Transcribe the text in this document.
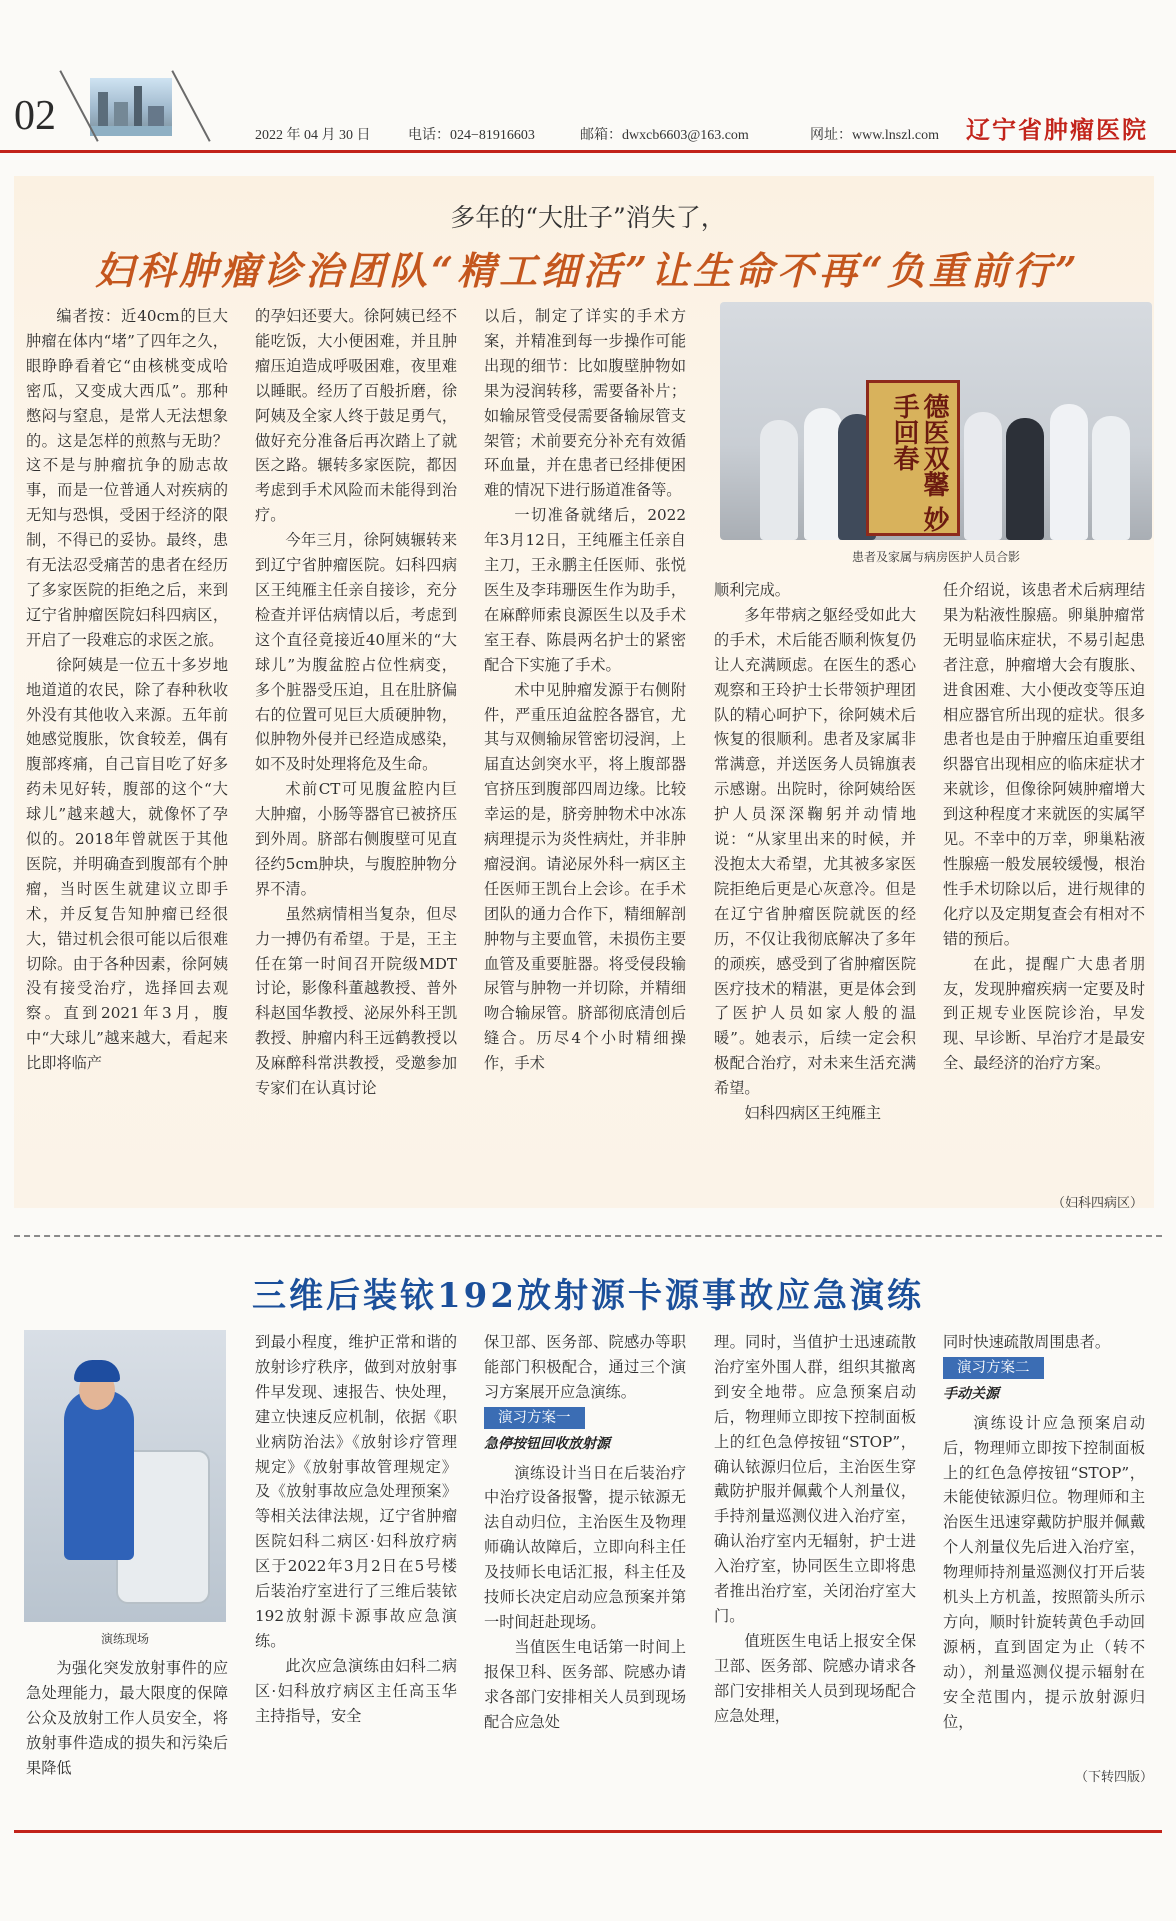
02	2022 年 04 月 30 日	电话：024−81916603	邮箱：dwxcb6603@163.com	网址：www.lnszl.com 辽宁省肿瘤医院
多年的“大肚子”消失了，
妇科肿瘤诊治团队“精工细活”让生命不再“负重前行”

编者按：近40cm的巨大肿瘤在体内“堵”了四年之久，眼睁睁看着它“由核桃变成哈密瓜，又变成大西瓜”。那种憋闷与窒息，是常人无法想象的。这是怎样的煎熬与无助？这不是与肿瘤抗争的励志故事，而是一位普通人对疾病的无知与恐惧，受困于经济的限制，不得已的妥协。最终，患有无法忍受痛苦的患者在经历了多家医院的拒绝之后，来到辽宁省肿瘤医院妇科四病区，开启了一段难忘的求医之旅。

徐阿姨是一位五十多岁地地道道的农民，除了春种秋收外没有其他收入来源。五年前她感觉腹胀，饮食较差，偶有腹部疼痛，自己盲目吃了好多药未见好转，腹部的这个“大球儿”越来越大，就像怀了孕似的。2018年曾就医于其他医院，并明确查到腹部有个肿瘤，当时医生就建议立即手术，并反复告知肿瘤已经很大，错过机会很可能以后很难切除。由于各种因素，徐阿姨没有接受治疗，选择回去观察。直到2021年3月，腹中“大球儿”越来越大，看起来比即将临产

的孕妇还要大。徐阿姨已经不能吃饭，大小便困难，并且肿瘤压迫造成呼吸困难，夜里难以睡眠。经历了百般折磨，徐阿姨及全家人终于鼓足勇气，做好充分准备后再次踏上了就医之路。辗转多家医院，都因考虑到手术风险而未能得到治疗。

今年三月，徐阿姨辗转来到辽宁省肿瘤医院。妇科四病区王纯雁主任亲自接诊，充分检查并评估病情以后，考虑到这个直径竟接近40厘米的“大球儿”为腹盆腔占位性病变，多个脏器受压迫，且在肚脐偏右的位置可见巨大质硬肿物，似肿物外侵并已经造成感染，如不及时处理将危及生命。

术前CT可见腹盆腔内巨大肿瘤，小肠等器官已被挤压到外周。脐部右侧腹壁可见直径约5cm肿块，与腹腔肿物分界不清。

虽然病情相当复杂，但尽力一搏仍有希望。于是，王主任在第一时间召开院级MDT讨论，影像科董越教授、普外科赵国华教授、泌尿外科王凯教授、肿瘤内科王远鹤教授以及麻醉科常洪教授，受邀参加专家们在认真讨论

以后，制定了详实的手术方案，并精准到每一步操作可能出现的细节：比如腹壁肿物如果为浸润转移，需要备补片；如输尿管受侵需要备输尿管支架管；术前要充分补充有效循环血量，并在患者已经排便困难的情况下进行肠道准备等。

一切准备就绪后，2022年3月12日，王纯雁主任亲自主刀，王永鹏主任医师、张悦医生及李玮珊医生作为助手，在麻醉师索良源医生以及手术室王春、陈晨两名护士的紧密配合下实施了手术。

术中见肿瘤发源于右侧附件，严重压迫盆腔各器官，尤其与双侧输尿管密切浸润，上届直达剑突水平，将上腹部器官挤压到腹部四周边缘。比较幸运的是，脐旁肿物术中冰冻病理提示为炎性病灶，并非肿瘤浸润。请泌尿外科一病区主任医师王凯台上会诊。在手术团队的通力合作下，精细解剖肿物与主要血管，未损伤主要血管及重要脏器。将受侵段输尿管与肿物一并切除，并精细吻合输尿管。脐部彻底清创后缝合。历尽4个小时精细操作，手术

德医双馨 妙手回春
患者及家属与病房医护人员合影

顺利完成。

多年带病之躯经受如此大的手术，术后能否顺利恢复仍让人充满顾虑。在医生的悉心观察和王玲护士长带领护理团队的精心呵护下，徐阿姨术后恢复的很顺利。患者及家属非常满意，并送医务人员锦旗表示感谢。出院时，徐阿姨给医护人员深深鞠躬并动情地说：“从家里出来的时候，并没抱太大希望，尤其被多家医院拒绝后更是心灰意冷。但是在辽宁省肿瘤医院就医的经历，不仅让我彻底解决了多年的顽疾，感受到了省肿瘤医院医疗技术的精湛，更是体会到了医护人员如家人般的温暖”。她表示，后续一定会积极配合治疗，对未来生活充满希望。

妇科四病区王纯雁主

任介绍说，该患者术后病理结果为粘液性腺癌。卵巢肿瘤常无明显临床症状，不易引起患者注意，肿瘤增大会有腹胀、进食困难、大小便改变等压迫相应器官所出现的症状。很多患者也是由于肿瘤压迫重要组织器官出现相应的临床症状才来就诊，但像徐阿姨肿瘤增大到这种程度才来就医的实属罕见。不幸中的万幸，卵巢粘液性腺癌一般发展较缓慢，根治性手术切除以后，进行规律的化疗以及定期复查会有相对不错的预后。

在此，提醒广大患者朋友，发现肿瘤疾病一定要及时到正规专业医院诊治，早发现、早诊断、早治疗才是最安全、最经济的治疗方案。

（妇科四病区）
三维后装铱192放射源卡源事故应急演练
演练现场

为强化突发放射事件的应急处理能力，最大限度的保障公众及放射工作人员安全，将放射事件造成的损失和污染后果降低

到最小程度，维护正常和谐的放射诊疗秩序，做到对放射事件早发现、速报告、快处理，建立快速反应机制，依据《职业病防治法》《放射诊疗管理规定》《放射事故管理规定》及《放射事故应急处理预案》等相关法律法规，辽宁省肿瘤医院妇科二病区·妇科放疗病区于2022年3月2日在5号楼后装治疗室进行了三维后装铱192放射源卡源事故应急演练。

此次应急演练由妇科二病区·妇科放疗病区主任高玉华主持指导，安全

保卫部、医务部、院感办等职能部门积极配合，通过三个演习方案展开应急演练。

演习方案一
急停按钮回收放射源

演练设计当日在后装治疗中治疗设备报警，提示铱源无法自动归位，主治医生及物理师确认故障后，立即向科主任及技师长电话汇报，科主任及技师长决定启动应急预案并第一时间赶赴现场。

当值医生电话第一时间上报保卫科、医务部、院感办请求各部门安排相关人员到现场配合应急处

理。同时，当值护士迅速疏散治疗室外围人群，组织其撤离到安全地带。应急预案启动后，物理师立即按下控制面板上的红色急停按钮“STOP”，确认铱源归位后，主治医生穿戴防护服并佩戴个人剂量仪，手持剂量巡测仪进入治疗室，确认治疗室内无辐射，护士进入治疗室，协同医生立即将患者推出治疗室，关闭治疗室大门。

值班医生电话上报安全保卫部、医务部、院感办请求各部门安排相关人员到现场配合应急处理，

同时快速疏散周围患者。

演习方案二
手动关源

演练设计应急预案启动后，物理师立即按下控制面板上的红色急停按钮“STOP”，未能使铱源归位。物理师和主治医生迅速穿戴防护服并佩戴个人剂量仪先后进入治疗室，物理师持剂量巡测仪打开后装机头上方机盖，按照箭头所示方向，顺时针旋转黄色手动回源柄，直到固定为止（转不动），剂量巡测仪提示辐射在安全范围内，提示放射源归位，

（下转四版）
